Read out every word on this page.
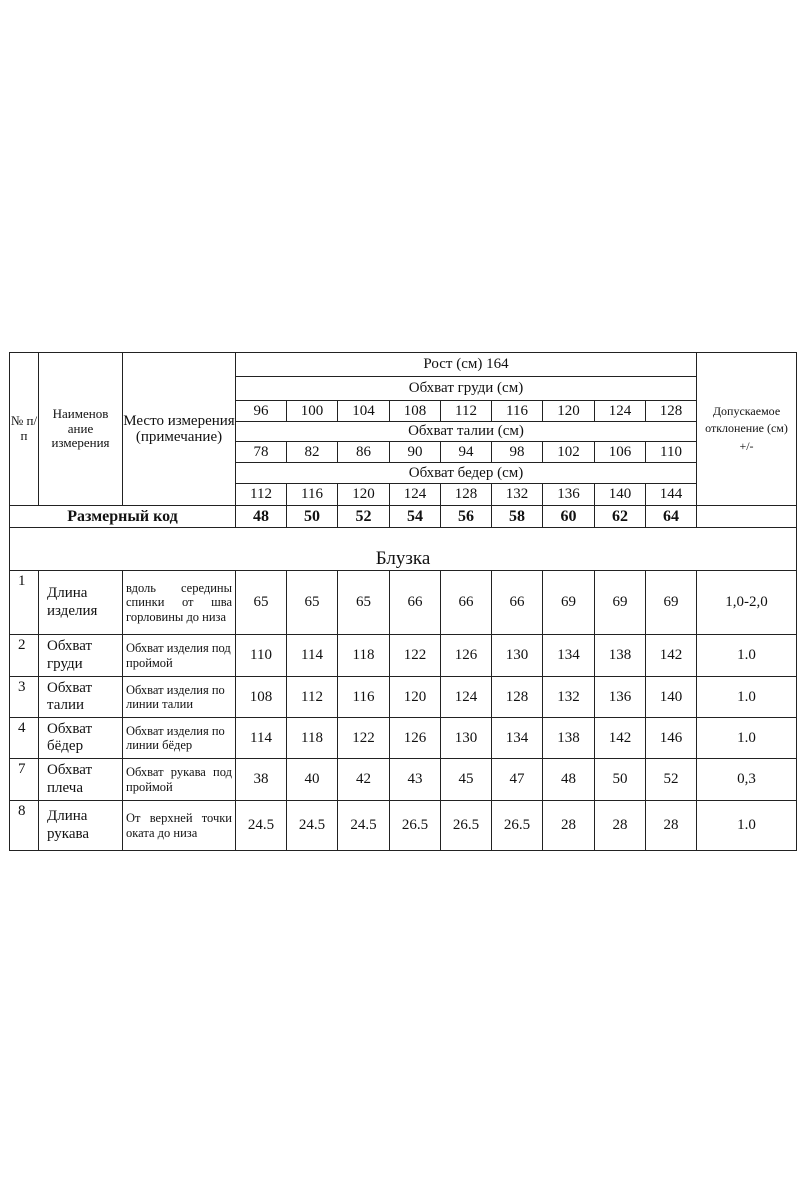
№ п/ п	Наименов ание измерения	Место измерения (примечание)	Рост (см) 164									Допускаемое отклонение (см) +/-
			Обхват груди (см)									
			96	100	104	108	112	116	120	124	128	
			Обхват талии (см)									
			78	82	86	90	94	98	102	106	110	
			Обхват бедер (см)									
			112	116	120	124	128	132	136	140	144	
Размерный код			48	50	52	54	56	58	60	62	64	
Блузка												
1	Длина изделия	вдоль середины спинки от шва горловины до низа	65	65	65	66	66	66	69	69	69	1,0-2,0
2	Обхват груди	Обхват изделия под проймой	110	114	118	122	126	130	134	138	142	1.0
3	Обхват талии	Обхват изделия по линии талии	108	112	116	120	124	128	132	136	140	1.0
4	Обхват бёдер	Обхват изделия по линии бёдер	114	118	122	126	130	134	138	142	146	1.0
7	Обхват плеча	Обхват рукава под проймой	38	40	42	43	45	47	48	50	52	0,3
8	Длина рукава	От верхней точки оката до низа	24.5	24.5	24.5	26.5	26.5	26.5	28	28	28	1.0
